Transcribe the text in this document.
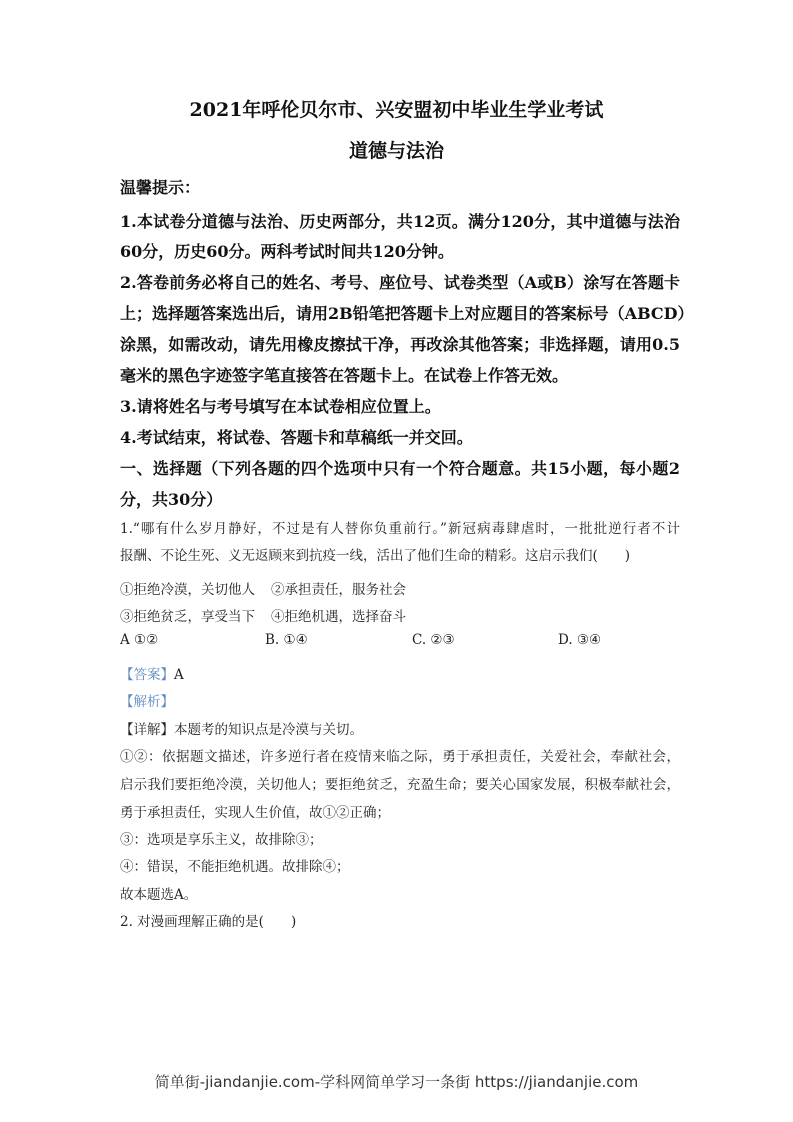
2021年呼伦贝尔市、兴安盟初中毕业生学业考试
道德与法治
温馨提示：
1.本试卷分道德与法治、历史两部分，共12页。满分120分，其中道德与法治
60分，历史60分。两科考试时间共120分钟。
2.答卷前务必将自己的姓名、考号、座位号、试卷类型（A或B）涂写在答题卡
上；选择题答案选出后，请用2B铅笔把答题卡上对应题目的答案标号（ABCD）
涂黑，如需改动，请先用橡皮擦拭干净，再改涂其他答案；非选择题，请用0.5
毫米的黑色字迹签字笔直接答在答题卡上。在试卷上作答无效。
3.请将姓名与考号填写在本试卷相应位置上。
4.考试结束，将试卷、答题卡和草稿纸一并交回。
一、选择题（下列各题的四个选项中只有一个符合题意。共15小题，每小题2
分，共30分）
1.“哪有什么岁月静好，不过是有人替你负重前行。”新冠病毒肆虐时，一批批逆行者不计
报酬、不论生死、义无返顾来到抗疫一线，活出了他们生命的精彩。这启示我们(　　)
①拒绝冷漠，关切他人 ②承担责任，服务社会
③拒绝贫乏，享受当下 ④拒绝机遇，选择奋斗
A ①②	B. ①④	C. ②③	D. ③④
【答案】A
【解析】
【详解】本题考的知识点是冷漠与关切。
①②：依据题文描述，许多逆行者在疫情来临之际，勇于承担责任，关爱社会，奉献社会，
启示我们要拒绝冷漠，关切他人；要拒绝贫乏，充盈生命；要关心国家发展，积极奉献社会，
勇于承担责任，实现人生价值，故①②正确；
③：选项是享乐主义，故排除③；
④：错误，不能拒绝机遇。故排除④；
故本题选A。
2. 对漫画理解正确的是(　　)
简单街-jiandanjie.com-学科网简单学习一条街 https://jiandanjie.com
